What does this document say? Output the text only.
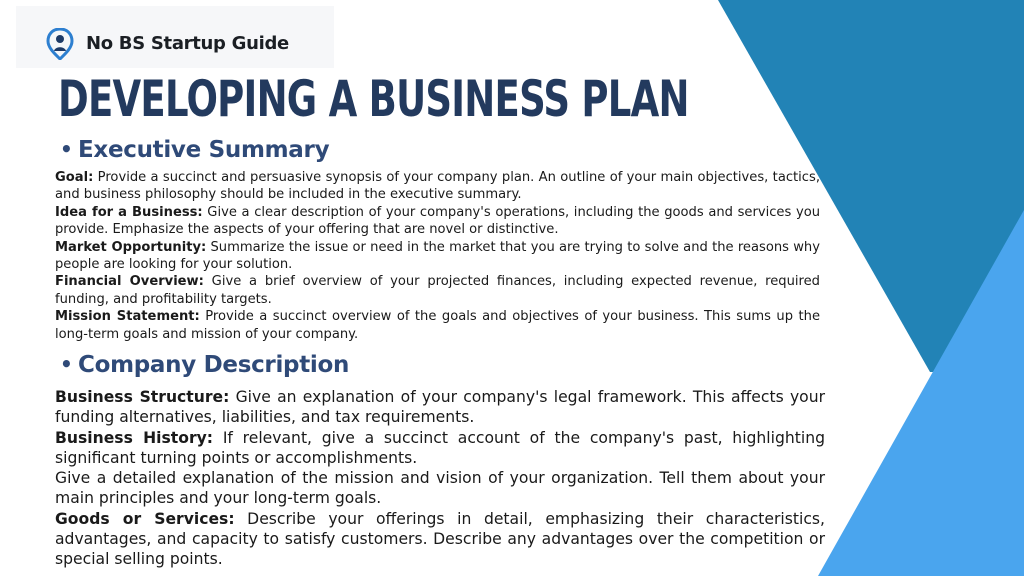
No BS Startup Guide
DEVELOPING A BUSINESS PLAN
• Executive Summary

Goal: Provide a succinct and persuasive synopsis of your company plan. An outline of your main objectives, tactics, and business philosophy should be included in the executive summary.

Idea for a Business: Give a clear description of your company's operations, including the goods and services you provide. Emphasize the aspects of your offering that are novel or distinctive.

Market Opportunity: Summarize the issue or need in the market that you are trying to solve and the reasons why people are looking for your solution.

Financial Overview: Give a brief overview of your projected finances, including expected revenue, required funding, and profitability targets.

Mission Statement: Provide a succinct overview of the goals and objectives of your business. This sums up the long-term goals and mission of your company.

• Company Description

Business Structure: Give an explanation of your company's legal framework. This affects your funding alternatives, liabilities, and tax requirements.

Business History: If relevant, give a succinct account of the company's past, highlighting significant turning points or accomplishments.

Give a detailed explanation of the mission and vision of your organization. Tell them about your main principles and your long-term goals.

Goods or Services: Describe your offerings in detail, emphasizing their characteristics, advantages, and capacity to satisfy customers. Describe any advantages over the competition or special selling points.
